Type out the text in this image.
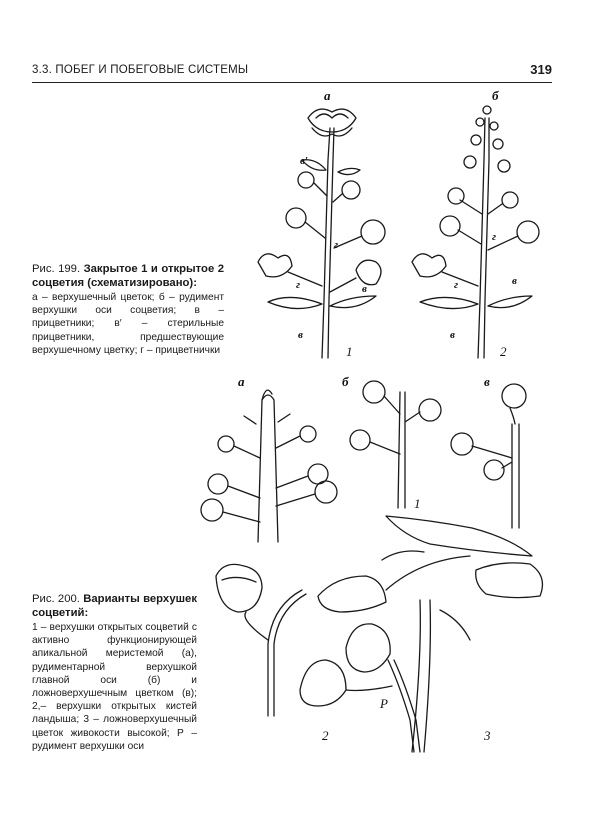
3.3. ПОБЕГ И ПОБЕГОВЫЕ СИСТЕМЫ	319
Рис. 199. Закрытое 1 и открытое 2 соцветия (схематизировано):
а – верхушечный цветок; б – рудимент верхушки оси соцветия; в – прицветники; в′ – стерильные прицветники, предшествующие верхушечному цветку; г – прицветнички
Рис. 200. Варианты верхушек соцветий:
1 – верхушки открытых соцветий с активно функционирующей апикальной меристемой (а), рудиментарной верхушкой главной оси (б) и ложноверхушечным цветком (в); 2,– верхушки открытых кистей ландыша; 3 – ложноверхушечный цветок живокости высокой; Р – рудимент верхушки оси
а	б
в′
г
г
г
г
в
в
в
в
1	2
а	б	в
1
2	3
P
